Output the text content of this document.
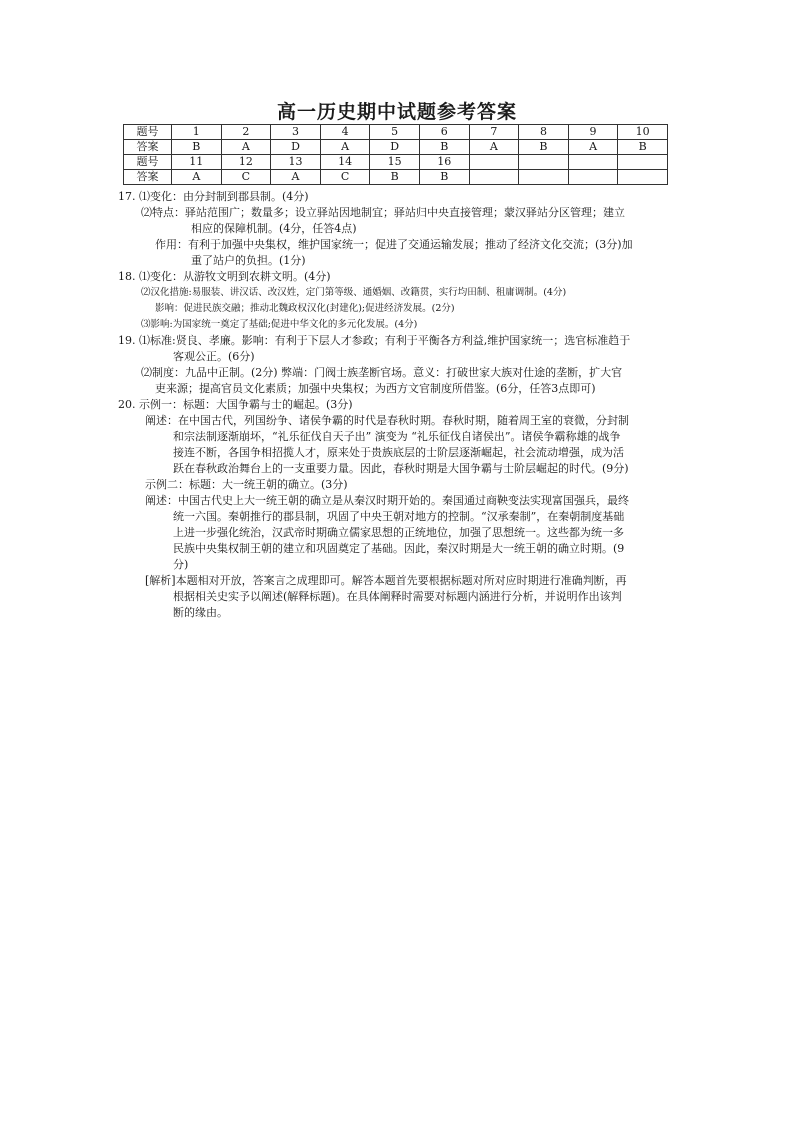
高一历史期中试题参考答案
题号	1	2	3	4	5	6	7	8	9	10
答案	B	A	D	A	D	B	A	B	A	B
题号	11	12	13	14	15	16				
答案	A	C	A	C	B	B				
17. ⑴变化：由分封制到郡县制。(4分)
⑵特点：驿站范围广；数量多；设立驿站因地制宜；驿站归中央直接管理；蒙汉驿站分区管理；建立
相应的保障机制。(4分，任答4点)
作用：有利于加强中央集权，维护国家统一；促进了交通运输发展；推动了经济文化交流；(3分)加
重了站户的负担。(1分)
18. ⑴变化：从游牧文明到农耕文明。(4分)
⑵汉化措施:易服装、讲汉话、改汉姓，定门第等级、通婚姻、改籍贯，实行均田制、租庸调制。(4分)
影响：促进民族交融；推动北魏政权汉化(封建化);促进经济发展。(2分)
⑶影响:为国家统一奠定了基础;促进中华文化的多元化发展。(4分)
19. ⑴标准:贤良、孝廉。影响：有利于下层人才参政；有利于平衡各方利益,维护国家统一；选官标准趋于
客观公正。(6分)
⑵制度：九品中正制。(2分) 弊端：门阀士族垄断官场。意义：打破世家大族对仕途的垄断，扩大官
吏来源；提高官员文化素质；加强中央集权；为西方文官制度所借鉴。(6分，任答3点即可)
20. 示例一：标题：大国争霸与士的崛起。(3分)
阐述：在中国古代，列国纷争、诸侯争霸的时代是春秋时期。春秋时期，随着周王室的衰微，分封制
和宗法制逐渐崩坏，“礼乐征伐自天子出” 演变为 “礼乐征伐自诸侯出”。诸侯争霸称雄的战争
接连不断，各国争相招揽人才，原来处于贵族底层的士阶层逐渐崛起，社会流动增强，成为活
跃在春秋政治舞台上的一支重要力量。因此，春秋时期是大国争霸与士阶层崛起的时代。(9分)
示例二：标题：大一统王朝的确立。(3分)
阐述：中国古代史上大一统王朝的确立是从秦汉时期开始的。秦国通过商鞅变法实现富国强兵，最终
统一六国。秦朝推行的郡县制，巩固了中央王朝对地方的控制。“汉承秦制”，在秦朝制度基础
上进一步强化统治，汉武帝时期确立儒家思想的正统地位，加强了思想统一。这些都为统一多
民族中央集权制王朝的建立和巩固奠定了基础。因此，秦汉时期是大一统王朝的确立时期。(9
分)
[解析]本题相对开放，答案言之成理即可。解答本题首先要根据标题对所对应时期进行准确判断，再
根据相关史实予以阐述(解释标题)。在具体阐释时需要对标题内涵进行分析，并说明作出该判
断的缘由。
